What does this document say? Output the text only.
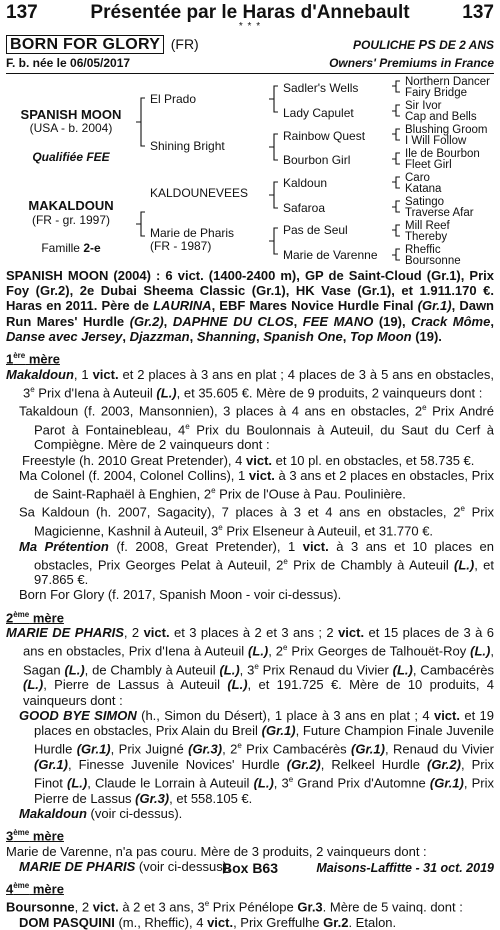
137	Présentée par le Haras d'Annebault	137
* * *
BORN FOR GLORY (FR)	POULICHE PS DE 2 ANS
F. b. née le 06/05/2017	Owners' Premiums in France
SPANISH MOON
(USA - b. 2004)
Qualifiée FEE
MAKALDOUN
(FR - gr. 1997)
Famille 2-e
El Prado
Shining Bright
KALDOUNEVEES
Marie de Pharis
(FR - 1987)
Sadler's Wells
Lady Capulet
Rainbow Quest
Bourbon Girl
Kaldoun
Safaroa
Pas de Seul
Marie de Varenne
Northern Dancer
Fairy Bridge
Sir Ivor
Cap and Bells
Blushing Groom
I Will Follow
Ile de Bourbon
Fleet Girl
Caro
Katana
Satingo
Traverse Afar
Mill Reef
Thereby
Rheffic
Boursonne

SPANISH MOON (2004) : 6 vict. (1400-2400 m), GP de Saint-Cloud (Gr.1), Prix Foy (Gr.2), 2e Dubai Sheema Classic (Gr.1), HK Vase (Gr.1), et 1.911.170 €. Haras en 2011. Père de LAURINA, EBF Mares Novice Hurdle Final (Gr.1), Dawn Run Mares' Hurdle (Gr.2), DAPHNE DU CLOS, FEE MANO (19), Crack Môme, Danse avec Jersey, Djazzman, Shanning, Spanish One, Top Moon (19).

1ère mère

Makaldoun, 1 vict. et 2 places à 3 ans en plat ; 4 places de 3 à 5 ans en obstacles, 3e Prix d'Iena à Auteuil (L.), et 35.605 €. Mère de 9 produits, 2 vainqueurs dont :

Takaldoun (f. 2003, Mansonnien), 3 places à 4 ans en obstacles, 2e Prix André Parot à Fontainebleau, 4e Prix du Boulonnais à Auteuil, du Saut du Cerf à Compiègne. Mère de 2 vainqueurs dont :

Freestyle (h. 2010 Great Pretender), 4 vict. et 10 pl. en obstacles, et 58.735 €.

Ma Colonel (f. 2004, Colonel Collins), 1 vict. à 3 ans et 2 places en obstacles, Prix de Saint-Raphaël à Enghien, 2e Prix de l'Ouse à Pau. Poulinière.

Sa Kaldoun (h. 2007, Sagacity), 7 places à 3 et 4 ans en obstacles, 2e Prix Magicienne, Kashnil à Auteuil, 3e Prix Elseneur à Auteuil, et 31.770 €.

Ma Prétention (f. 2008, Great Pretender), 1 vict. à 3 ans et 10 places en obstacles, Prix Georges Pelat à Auteuil, 2e Prix de Chambly à Auteuil (L.), et 97.865 €.

Born For Glory (f. 2017, Spanish Moon - voir ci-dessus).

2ème mère

MARIE DE PHARIS, 2 vict. et 3 places à 2 et 3 ans ; 2 vict. et 15 places de 3 à 6 ans en obstacles, Prix d'Iena à Auteuil (L.), 2e Prix Georges de Talhouët-Roy (L.), Sagan (L.), de Chambly à Auteuil (L.), 3e Prix Renaud du Vivier (L.), Cambacérès (L.), Pierre de Lassus à Auteuil (L.), et 191.725 €. Mère de 10 produits, 4 vainqueurs dont :

GOOD BYE SIMON (h., Simon du Désert), 1 place à 3 ans en plat ; 4 vict. et 19 places en obstacles, Prix Alain du Breil (Gr.1), Future Champion Finale Juvenile Hurdle (Gr.1), Prix Juigné (Gr.3), 2e Prix Cambacérès (Gr.1), Renaud du Vivier (Gr.1), Finesse Juvenile Novices' Hurdle (Gr.2), Relkeel Hurdle (Gr.2), Prix Finot (L.), Claude le Lorrain à Auteuil (L.), 3e Grand Prix d'Automne (Gr.1), Prix Pierre de Lassus (Gr.3), et 558.105 €.

Makaldoun (voir ci-dessus).

3ème mère

Marie de Varenne, n'a pas couru. Mère de 3 produits, 2 vainqueurs dont :

MARIE DE PHARIS (voir ci-dessus).

4ème mère

Boursonne, 2 vict. à 2 et 3 ans, 3e Prix Pénélope Gr.3. Mère de 5 vainq. dont :

DOM PASQUINI (m., Rheffic), 4 vict., Prix Greffulhe Gr.2. Etalon.

Box B63	Maisons-Laffitte - 31 oct. 2019
